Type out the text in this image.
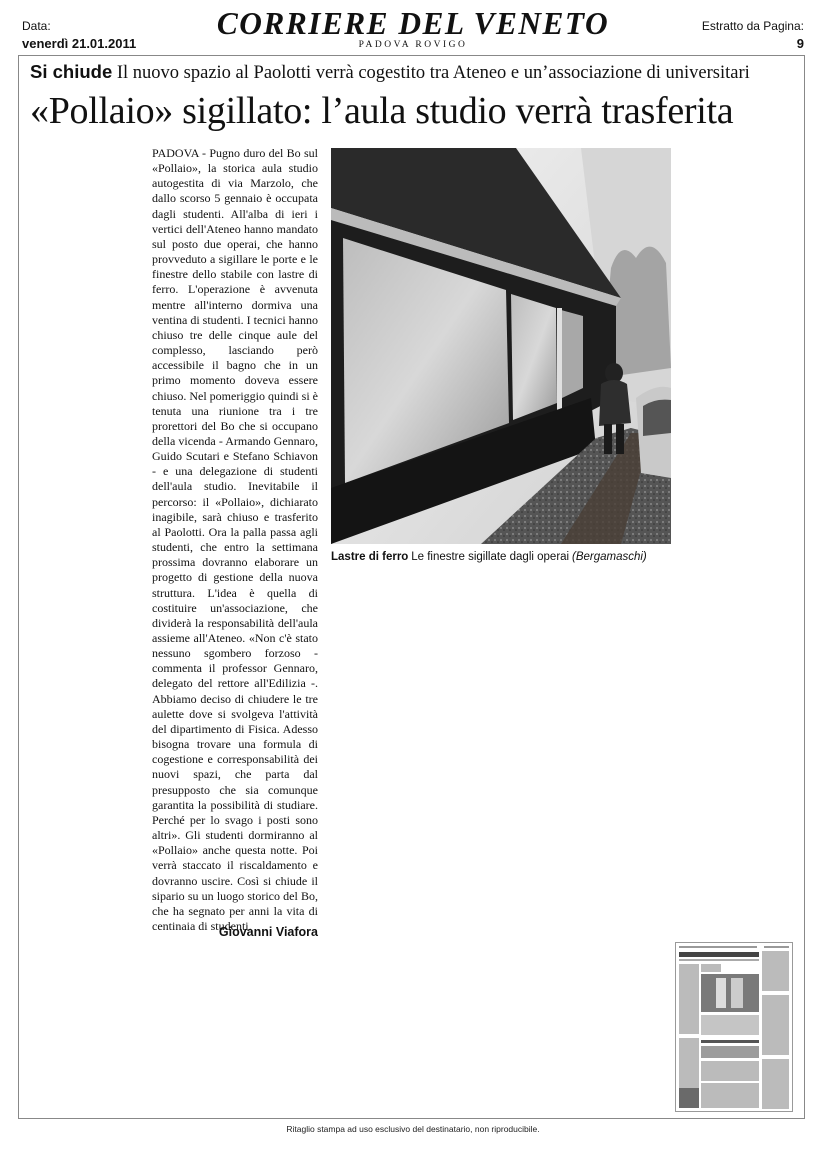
Data:
venerdì 21.01.2011
CORRIERE DEL VENETO
PADOVA ROVIGO
Estratto da Pagina:
9
Si chiude Il nuovo spazio al Paolotti verrà cogestito tra Ateneo e un’associazione di universitari
«Pollaio» sigillato: l’aula studio verrà trasferita
PADOVA - Pugno duro del Bo sul «Pollaio», la storica aula studio autogestita di via Marzolo, che dallo scorso 5 gennaio è occupata dagli studenti. All'alba di ieri i vertici dell'Ateneo hanno mandato sul posto due operai, che hanno provveduto a sigillare le porte e le finestre dello stabile con lastre di ferro. L'operazione è avvenuta mentre all'interno dormiva una ventina di studenti. I tecnici hanno chiuso tre delle cinque aule del complesso, lasciando però accessibile il bagno che in un primo momento doveva essere chiuso. Nel pomeriggio quindi si è tenuta una riunione tra i tre prorettori del Bo che si occupano della vicenda - Armando Gennaro, Guido Scutari e Stefano Schiavon - e una delegazione di studenti dell'aula studio. Inevitabile il percorso: il «Pollaio», dichiarato inagibile, sarà chiuso e trasferito al Paolotti. Ora la palla passa agli studenti, che entro la settimana prossima dovranno elaborare un progetto di gestione della nuova struttura. L'idea è quella di costituire un'associazione, che dividerà la responsabilità dell'aula assieme all'Ateneo. «Non c'è stato nessuno sgombero forzoso - commenta il professor Gennaro, delegato del rettore all'Edilizia -. Abbiamo deciso di chiudere le tre aulette dove si svolgeva l'attività del dipartimento di Fisica. Adesso bisogna trovare una formula di cogestione e corresponsabilità dei nuovi spazi, che parta dal presupposto che sia comunque garantita la possibilità di studiare. Perché per lo svago i posti sono altri». Gli studenti dormiranno al «Pollaio» anche questa notte. Poi verrà staccato il riscaldamento e dovranno uscire. Così si chiude il sipario su un luogo storico del Bo, che ha segnato per anni la vita di centinaia di studenti.
Giovanni Viafora
Lastre di ferro Le finestre sigillate dagli operai (Bergamaschi)
Ritaglio stampa ad uso esclusivo del destinatario, non riproducibile.
